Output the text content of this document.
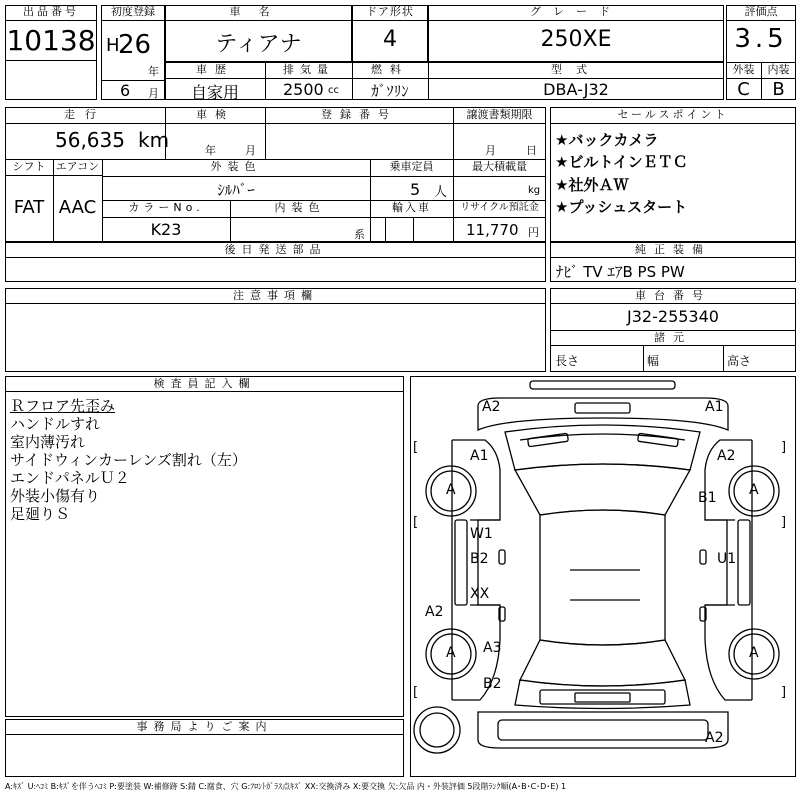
出品番号
10138
初度登録
H
26
年
6 月
車名
ティアナ
ドア形状
4
グレード
250XE
評価点
3.5
外装	内装
C	B
車歴	排気量	燃料	型式
自家用	2500 cc	ｶﾞｿﾘﾝ	DBA-J32
走行
56,635 km
車検
年	月
登録番号	譲渡書類期限
月	日
シフト
FAT
エアコン
AAC
外装色
ｼﾙﾊﾞｰ
乗車定員
5 人
最大積載量
kg
カラーNo.
K23
内装色
系
輸入車	リサイクル預託金
11,770 円
後日発送部品
セールスポイント
★バックカメラ
★ビルトインＥＴＣ
★社外ＡＷ
★プッシュスタート
純正装備
ﾅﾋﾞ TV ｴｱB PS PW
注意事項欄	車台番号
J32-255340
諸元
長さ	幅	高さ
検査員記入欄
Ｒフロア先歪み
ハンドルすれ
室内薄汚れ
サイドウィンカーレンズ割れ（左）
エンドパネルＵ２
外装小傷有り
足廻りＳ
事務局よりご案内
A2	A1
A1	A2
A	A
B1
W1
B2	U1
XX
A2
A	A
A3
B2
A2
[	]
[	]
[	]
A:ｷｽﾞ U:ﾍｺﾐ B:ｷｽﾞを伴うﾍｺﾐ P:要塗装 W:補修跡 S:錆 C:腐食、穴 G:ﾌﾛﾝﾄｶﾞﾗｽ点ｷｽﾞ XX:交換済み X:要交換 欠:欠品 内・外装評価 5段階ﾗﾝｸ順(A･B･C･D･E) 1
